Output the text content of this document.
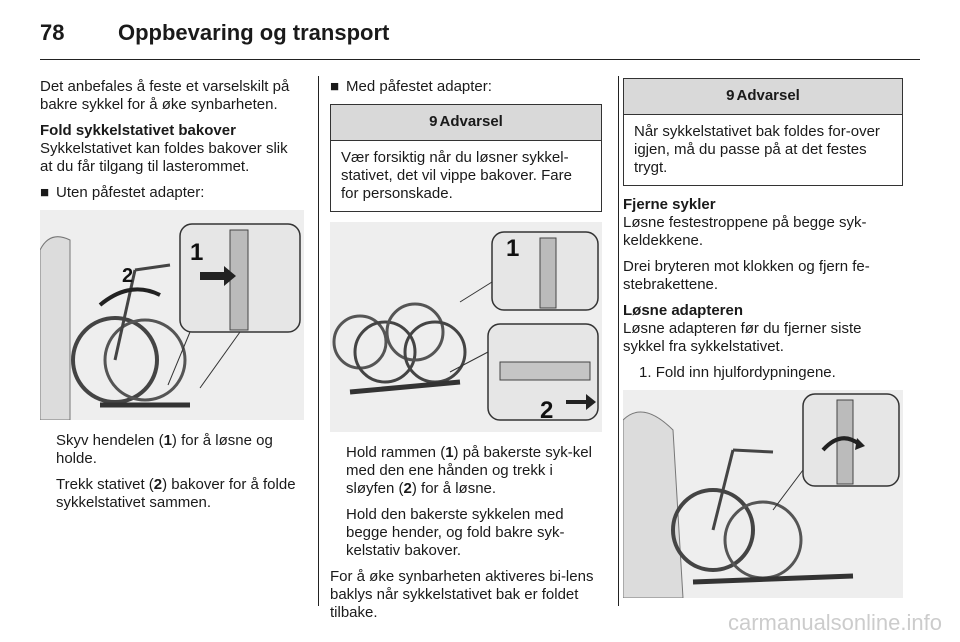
78 Oppbevaring og transport

Det anbefales å feste et varselskilt på bakre sykkel for å øke synbarheten.

Fold sykkelstativet bakover

Sykkelstativet kan foldes bakover slik at du får tilgang til lasterommet.

■ Uten påfestet adapter:
1
2

Skyv hendelen (1) for å løsne og holde.

Trekk stativet (2) bakover for å folde sykkelstativet sammen.

■ Med påfestet adapter:
9 Advarsel
Vær forsiktig når du løsner sykkel-stativet, det vil vippe bakover. Fare for personskade.
1
2

Hold rammen (1) på bakerste syk-kel med den ene hånden og trekk i sløyfen (2) for å løsne.

Hold den bakerste sykkelen med begge hender, og fold bakre syk-kelstativ bakover.

For å øke synbarheten aktiveres bi-lens baklys når sykkelstativet bak er foldet tilbake.

9 Advarsel
Når sykkelstativet bak foldes for-over igjen, må du passe på at det festes trygt.
Fjerne sykler

Løsne festestroppene på begge syk-keldekkene.

Drei bryteren mot klokken og fjern fe-stebrakettene.

Løsne adapteren

Løsne adapteren før du fjerner siste sykkel fra sykkelstativet.

1. Fold inn hjulfordypningene.

carmanualsonline.info
